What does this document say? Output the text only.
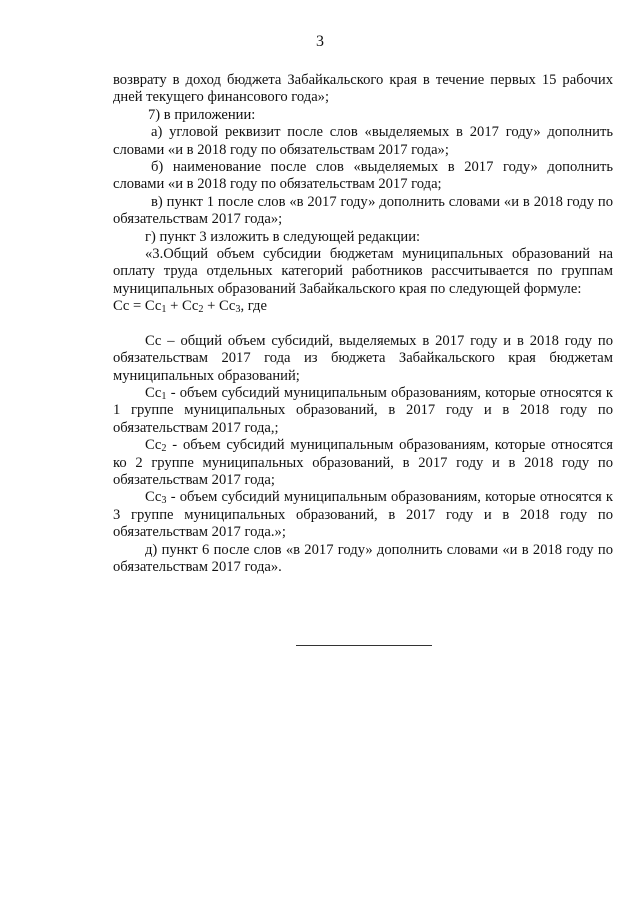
3

возврату в доход бюджета Забайкальского края в течение первых 15 рабочих дней текущего финансового года»;

7) в приложении:

а) угловой реквизит после слов «выделяемых в 2017 году» дополнить словами «и в 2018 году по обязательствам 2017 года»;

б) наименование после слов «выделяемых в 2017 году» дополнить словами «и в 2018 году по обязательствам 2017 года;

в) пункт 1 после слов «в 2017 году» дополнить словами «и в 2018 году по обязательствам 2017 года»;

г) пункт 3 изложить в следующей редакции:

«3.Общий объем субсидии бюджетам муниципальных образований на оплату труда отдельных категорий работников рассчитывается по группам муниципальных образований Забайкальского края по следующей формуле:

Сс = $Сс_1 + Сс_2 + Сс_3$, где

Сс – общий объем субсидий, выделяемых в 2017 году и в 2018 году по обязательствам 2017 года из бюджета Забайкальского края бюджетам муниципальных образований;

$Сс_1$ - объем субсидий муниципальным образованиям, которые относятся к 1 группе муниципальных образований, в 2017 году и в 2018 году по обязательствам 2017 года,;

$Сс_2$ - объем субсидий муниципальным образованиям, которые относятся ко 2 группе муниципальных образований, в 2017 году и в 2018 году по обязательствам 2017 года;

$Сс_3$ - объем субсидий муниципальным образованиям, которые относятся к 3 группе муниципальных образований, в 2017 году и в 2018 году по обязательствам 2017 года.»;

д) пункт 6 после слов «в 2017 году» дополнить словами «и в 2018 году по обязательствам 2017 года».
